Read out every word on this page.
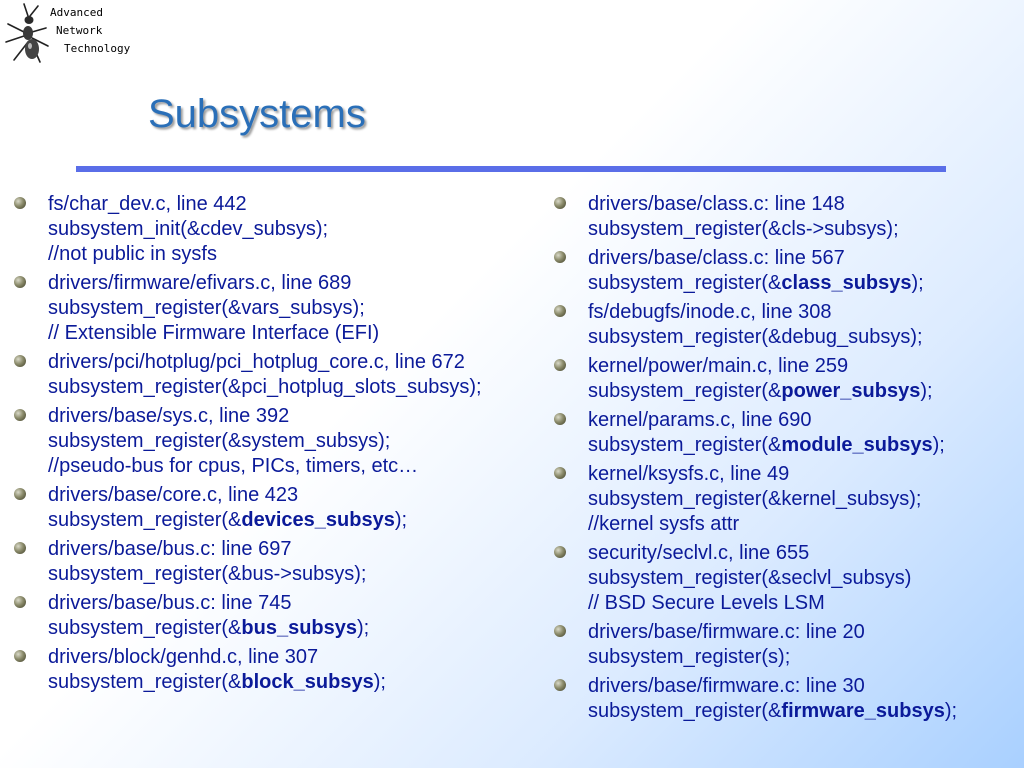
Advanced
Network
Technology
Subsystems
fs/char_dev.c, line 442
subsystem_init(&cdev_subsys);
//not public in sysfs
drivers/firmware/efivars.c, line 689
subsystem_register(&vars_subsys);
// Extensible Firmware Interface (EFI)
drivers/pci/hotplug/pci_hotplug_core.c, line 672
subsystem_register(&pci_hotplug_slots_subsys);
drivers/base/sys.c, line 392
subsystem_register(&system_subsys);
//pseudo-bus for cpus, PICs, timers, etc…
drivers/base/core.c, line 423
subsystem_register(&devices_subsys);
drivers/base/bus.c: line 697
subsystem_register(&bus->subsys);
drivers/base/bus.c: line 745
subsystem_register(&bus_subsys);
drivers/block/genhd.c, line 307
subsystem_register(&block_subsys);
drivers/base/class.c: line 148
subsystem_register(&cls->subsys);
drivers/base/class.c: line 567
subsystem_register(&class_subsys);
fs/debugfs/inode.c, line 308
subsystem_register(&debug_subsys);
kernel/power/main.c, line 259
subsystem_register(&power_subsys);
kernel/params.c, line 690
subsystem_register(&module_subsys);
kernel/ksysfs.c, line 49
subsystem_register(&kernel_subsys);
//kernel sysfs attr
security/seclvl.c, line 655
subsystem_register(&seclvl_subsys)
// BSD Secure Levels LSM
drivers/base/firmware.c: line 20
subsystem_register(s);
drivers/base/firmware.c: line 30
subsystem_register(&firmware_subsys);
